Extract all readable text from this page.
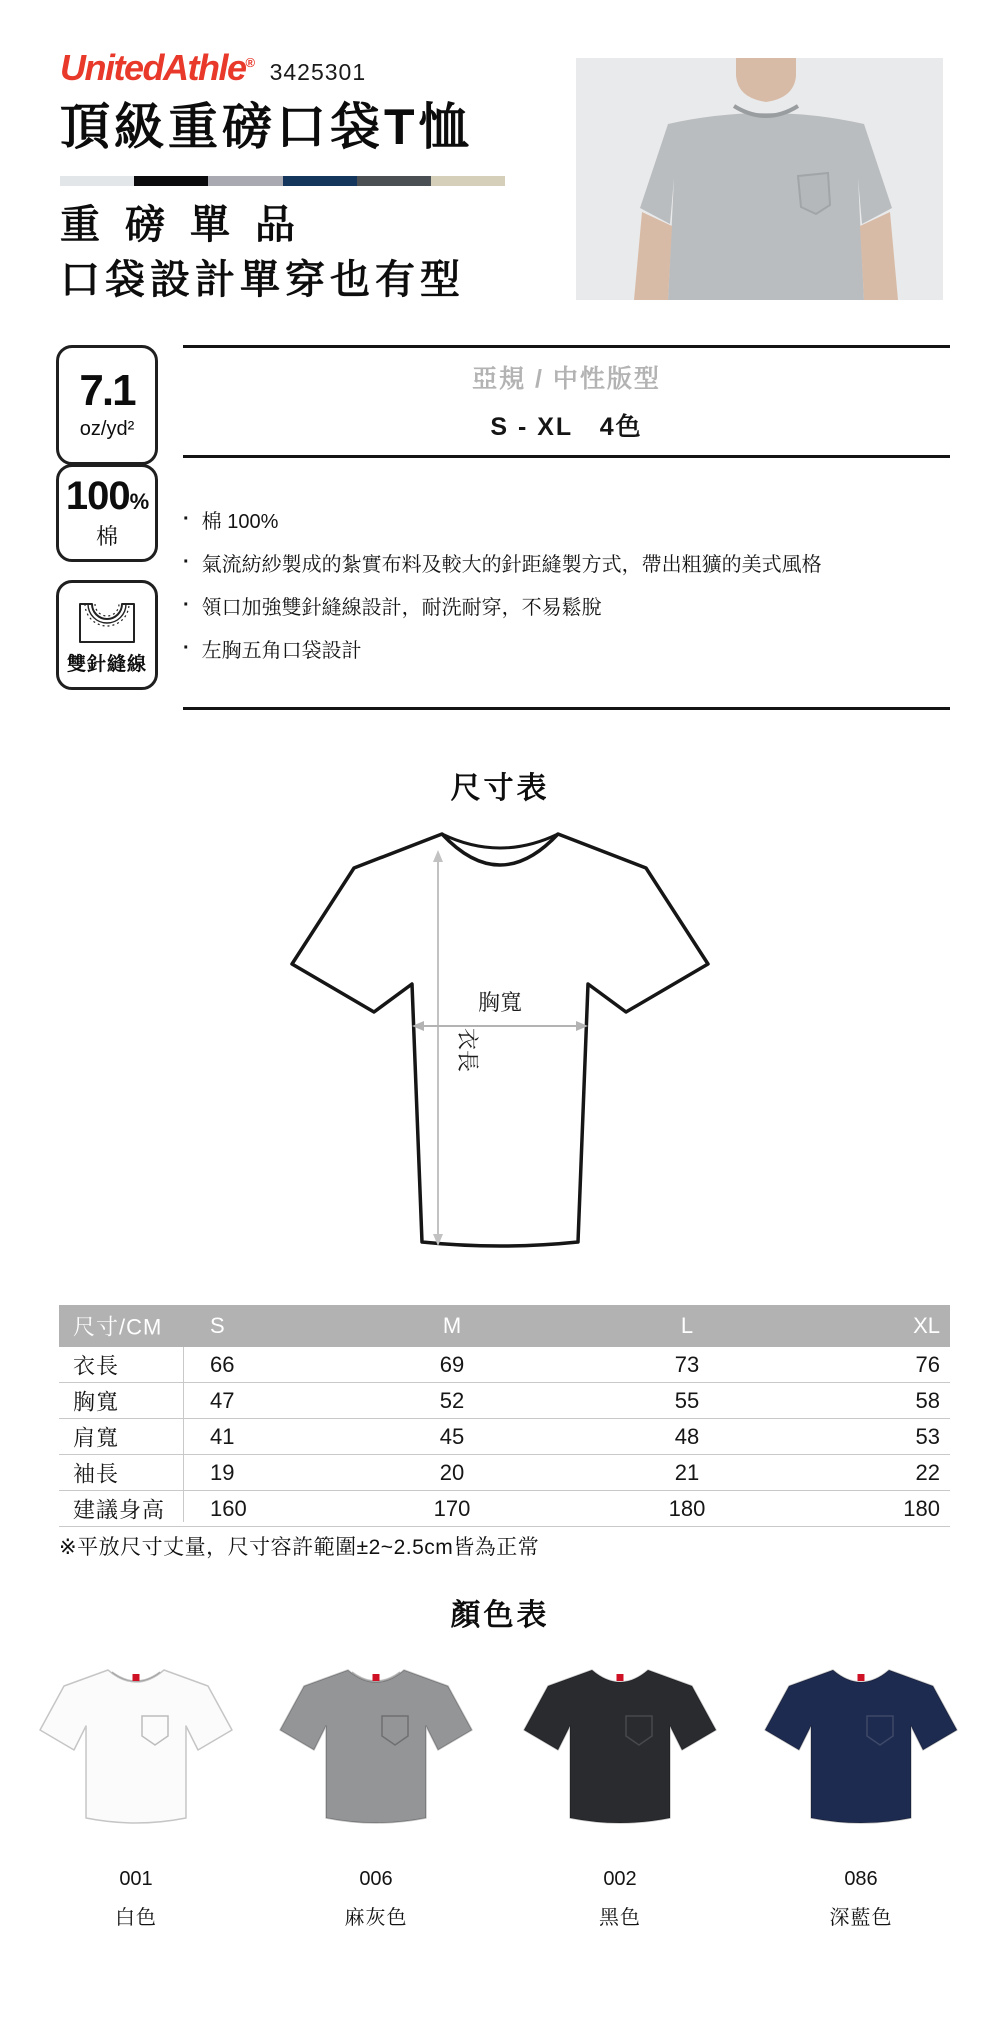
UnitedAthle® 3425301
頂級重磅口袋T恤
重磅單品
口袋設計單穿也有型
7.1
oz/yd²
亞規 / 中性版型
S - XL　4色
100%
棉
雙針縫線
· 棉 100%
· 氣流紡紗製成的紮實布料及較大的針距縫製方式，帶出粗獷的美式風格
· 領口加強雙針縫線設計，耐洗耐穿，不易鬆脫
· 左胸五角口袋設計
尺寸表
衣長
胸寬
尺寸/CM S	M	L	XL
衣長	66	69	73	76
胸寬	47	52	55	58
肩寬	41	45	48	53
袖長	19	20	21	22
建議身高 160	170	180	180
※平放尺寸丈量，尺寸容許範圍±2~2.5cm皆為正常
顏色表
001
白色
006
麻灰色
002
黑色
086
深藍色
